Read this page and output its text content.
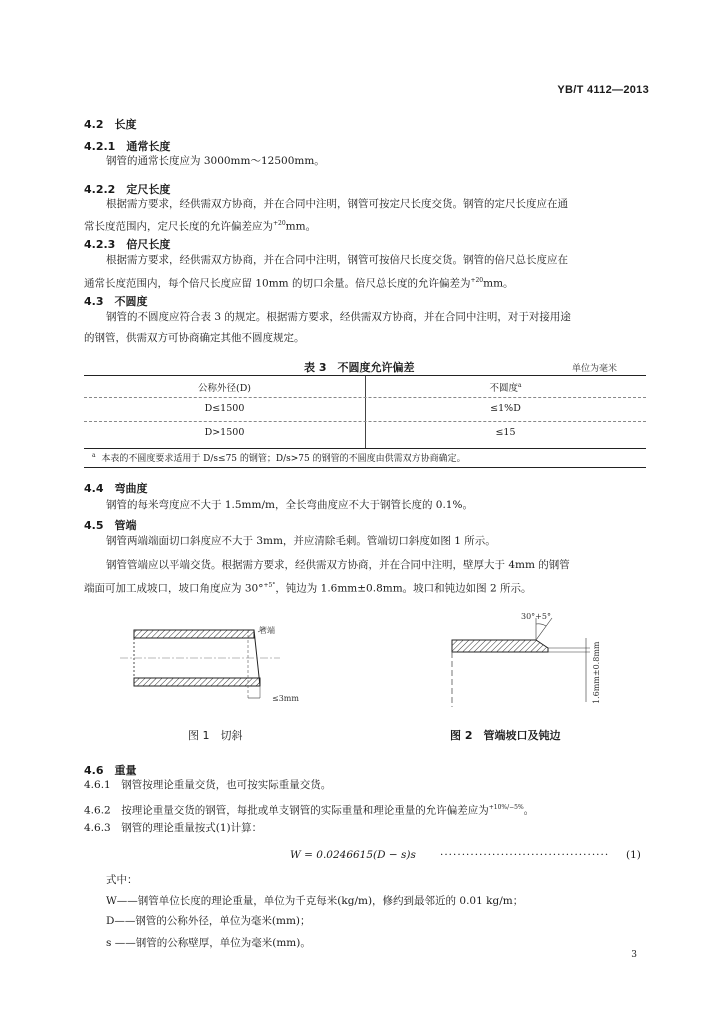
YB/T 4112—2013
4.2　长度
4.2.1　通常长度
钢管的通常长度应为 3000mm～12500mm。
4.2.2　定尺长度
根据需方要求，经供需双方协商，并在合同中注明，钢管可按定尺长度交货。钢管的定尺长度应在通
常长度范围内，定尺长度的允许偏差应为$^{+20}$mm。
4.2.3　倍尺长度
根据需方要求，经供需双方协商，并在合同中注明，钢管可按倍尺长度交货。钢管的倍尺总长度应在
通常长度范围内，每个倍尺长度应留 10mm 的切口余量。倍尺总长度的允许偏差为$^{+20}$mm。
4.3　不圆度
钢管的不圆度应符合表 3 的规定。根据需方要求，经供需双方协商，并在合同中注明，对于对接用途
的钢管，供需双方可协商确定其他不圆度规定。
表 3　不圆度允许偏差	单位为毫米
公称外径(D)	不圆度$^a$
D≤1500	≤1%D
D>1500	≤15
$^a$ 本表的不圆度要求适用于 D/s≤75 的钢管；D/s>75 的钢管的不圆度由供需双方协商确定。
4.4　弯曲度
钢管的每米弯度应不大于 1.5mm/m，全长弯曲度应不大于钢管长度的 0.1%。
4.5　管端
钢管两端端面切口斜度应不大于 3mm，并应清除毛刺。管端切口斜度如图 1 所示。
钢管管端应以平端交货。根据需方要求，经供需双方协商，并在合同中注明，壁厚大于 4mm 的钢管
端面可加工成坡口，坡口角度应为 30°$^{+5^\circ}$，钝边为 1.6mm±0.8mm。坡口和钝边如图 2 所示。
管端
≤3mm
图 1　切斜
30°+5°
1.6mm±0.8mm
图 2　管端坡口及钝边
4.6　重量
4.6.1　钢管按理论重量交货，也可按实际重量交货。
4.6.2　按理论重量交货的钢管，每批或单支钢管的实际重量和理论重量的允许偏差应为$^{+10\%/-5\%}$。
4.6.3　钢管的理论重量按式(1)计算：
W = 0.0246615(D − s)s ······································· (1)
式中：
W——钢管单位长度的理论重量，单位为千克每米(kg/m)，修约到最邻近的 0.01 kg/m；
D——钢管的公称外径，单位为毫米(mm)；
s ——钢管的公称壁厚，单位为毫米(mm)。
3
